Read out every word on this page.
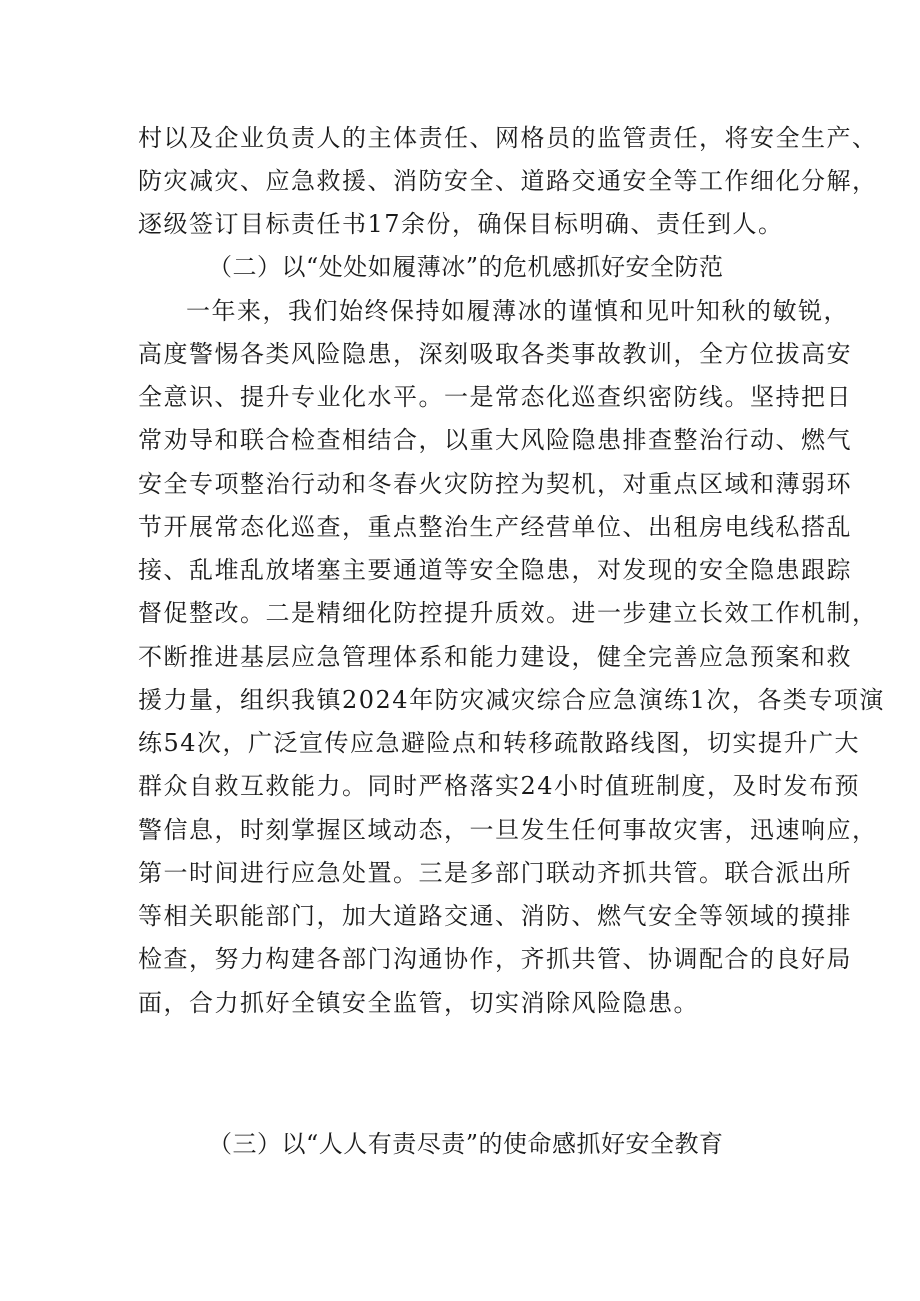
村以及企业负责人的主体责任、网格员的监管责任，将安全生产、
防灾减灾、应急救援、消防安全、道路交通安全等工作细化分解，
逐级签订目标责任书17余份，确保目标明确、责任到人。
（二）以“处处如履薄冰”的危机感抓好安全防范
一年来，我们始终保持如履薄冰的谨慎和见叶知秋的敏锐，
高度警惕各类风险隐患，深刻吸取各类事故教训，全方位拔高安
全意识、提升专业化水平。一是常态化巡查织密防线。坚持把日
常劝导和联合检查相结合，以重大风险隐患排查整治行动、燃气
安全专项整治行动和冬春火灾防控为契机，对重点区域和薄弱环
节开展常态化巡查，重点整治生产经营单位、出租房电线私搭乱
接、乱堆乱放堵塞主要通道等安全隐患，对发现的安全隐患跟踪
督促整改。二是精细化防控提升质效。进一步建立长效工作机制，
不断推进基层应急管理体系和能力建设，健全完善应急预案和救
援力量，组织我镇2024年防灾减灾综合应急演练1次，各类专项演
练54次，广泛宣传应急避险点和转移疏散路线图，切实提升广大
群众自救互救能力。同时严格落实24小时值班制度，及时发布预
警信息，时刻掌握区域动态，一旦发生任何事故灾害，迅速响应，
第一时间进行应急处置。三是多部门联动齐抓共管。联合派出所
等相关职能部门，加大道路交通、消防、燃气安全等领域的摸排
检查，努力构建各部门沟通协作，齐抓共管、协调配合的良好局
面，合力抓好全镇安全监管，切实消除风险隐患。
（三）以“人人有责尽责”的使命感抓好安全教育
